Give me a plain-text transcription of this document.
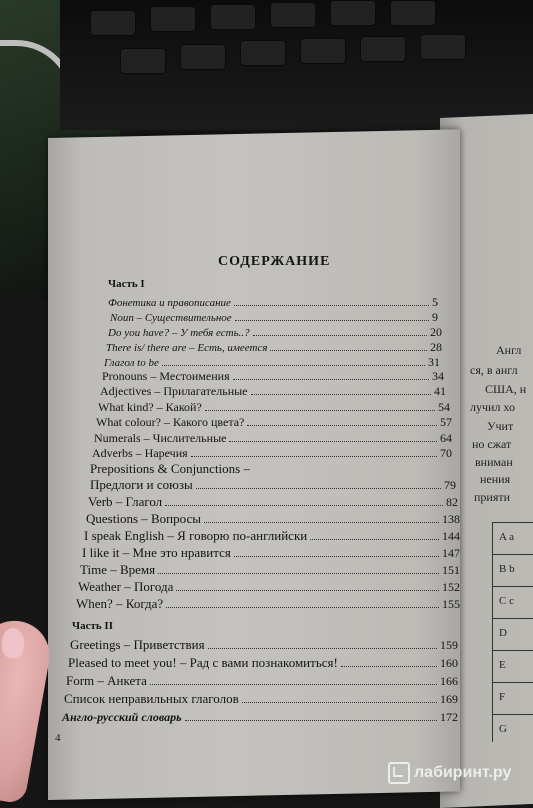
Англ
ся, в англ
США, н
лучил хо
Учит
но сжат
вниман
нения
прияти
A a
B b
C c
D
E
F
G
СОДЕРЖАНИЕ
Часть I
Фонетика и правописание	5
Noun – Существительное	9
Do you have? – У тебя есть..?	20
There is/ there are – Есть, имеется	28
Глагол to be	31
Pronouns – Местоимения	34
Adjectives – Прилагательные	41
What kind? – Какой?	54
What colour? – Какого цвета?	57
Numerals – Числительные	64
Adverbs – Наречия	70
Prepositions & Conjunctions –
Предлоги и союзы	79
Verb – Глагол	82
Questions – Вопросы	138
I speak English – Я говорю по-английски	144
I like it – Мне это нравится	147
Time – Время	151
Weather – Погода	152
When? – Когда?	155
Часть II
Greetings – Приветствия	159
Pleased to meet you! – Рад с вами познакомиться!	160
Form – Анкета	166
Список неправильных глаголов	169
Англо-русский словарь	172
4
лабиринт.ру
